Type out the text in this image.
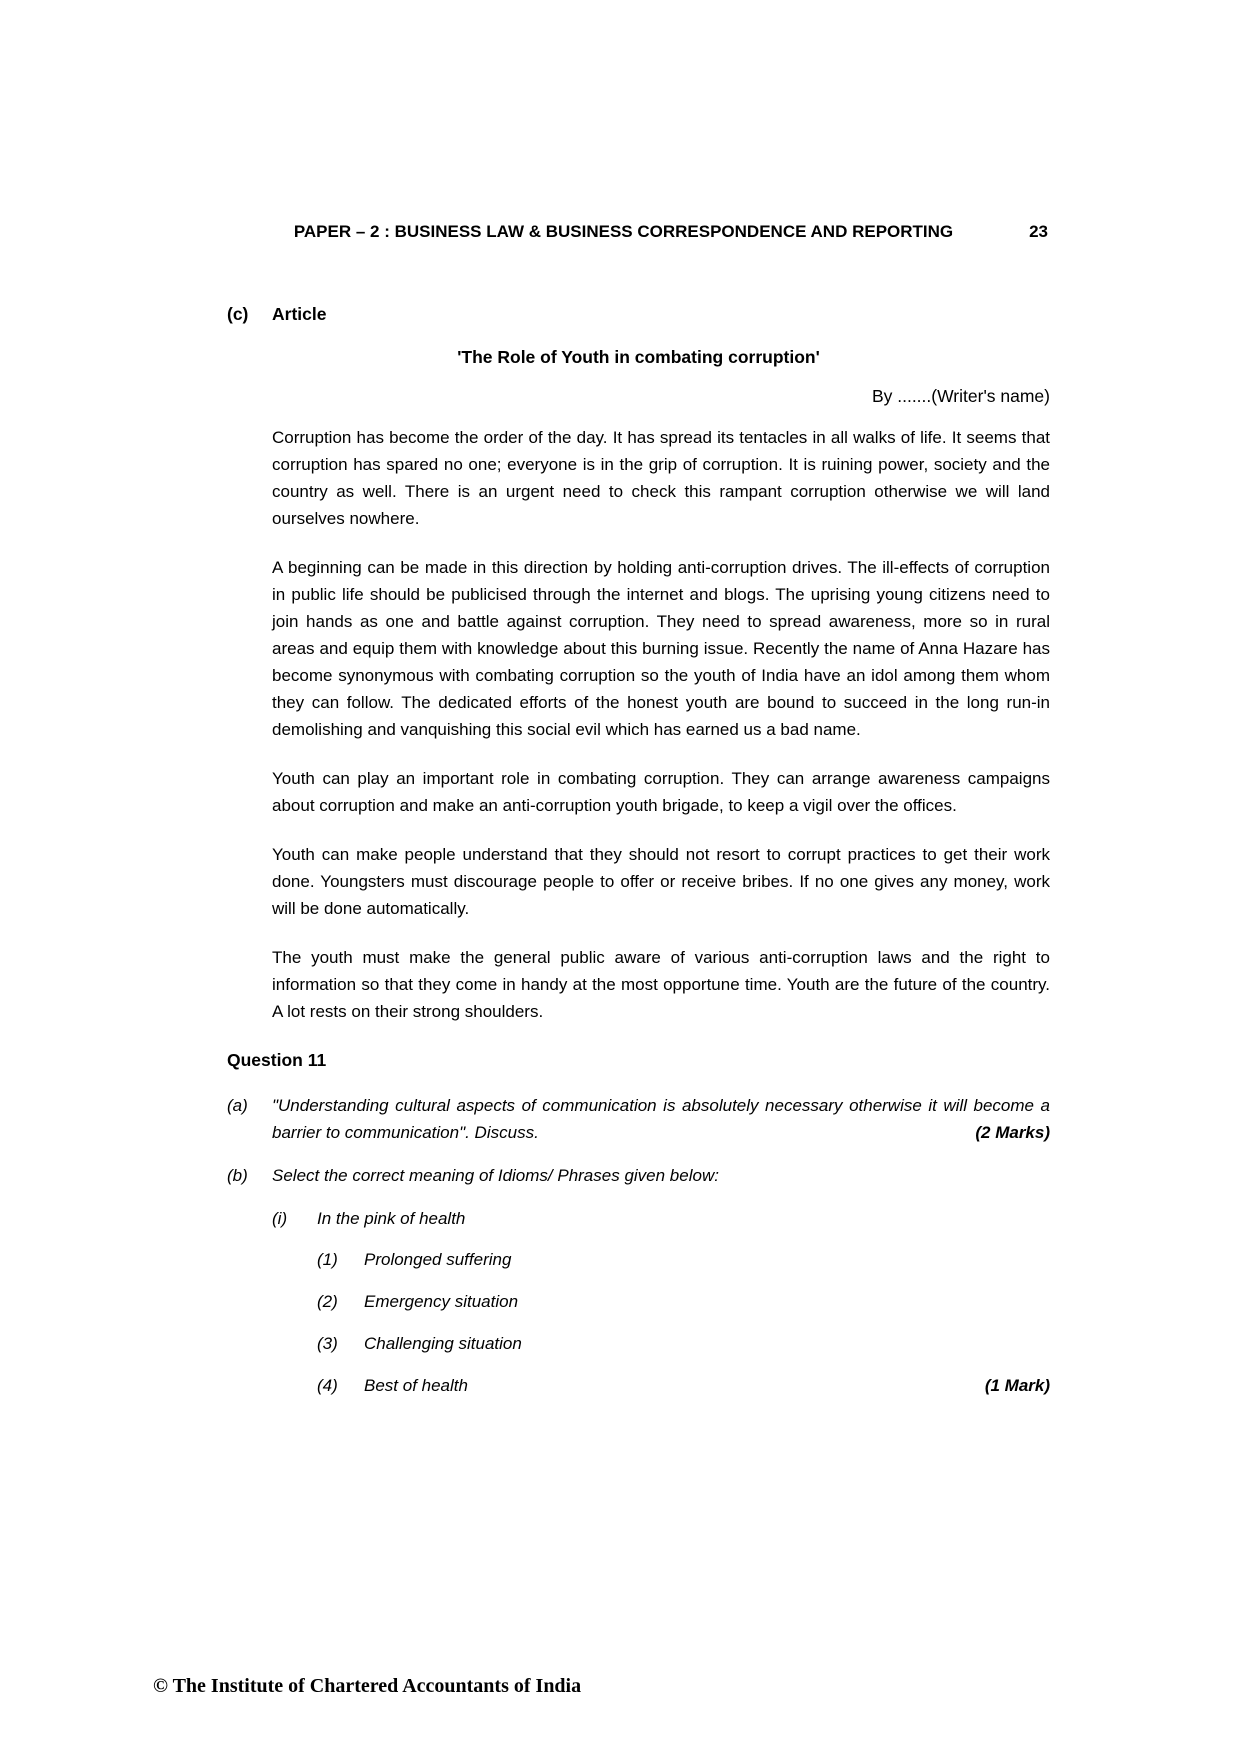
PAPER – 2 : BUSINESS LAW & BUSINESS CORRESPONDENCE AND REPORTING	23
(c)	Article
'The Role of Youth in combating corruption'
By .......(Writer's name)

Corruption has become the order of the day. It has spread its tentacles in all walks of life. It seems that corruption has spared no one; everyone is in the grip of corruption. It is ruining power, society and the country as well. There is an urgent need to check this rampant corruption otherwise we will land ourselves nowhere.

A beginning can be made in this direction by holding anti-corruption drives. The ill-effects of corruption in public life should be publicised through the internet and blogs. The uprising young citizens need to join hands as one and battle against corruption. They need to spread awareness, more so in rural areas and equip them with knowledge about this burning issue. Recently the name of Anna Hazare has become synonymous with combating corruption so the youth of India have an idol among them whom they can follow. The dedicated efforts of the honest youth are bound to succeed in the long run-in demolishing and vanquishing this social evil which has earned us a bad name.

Youth can play an important role in combating corruption. They can arrange awareness campaigns about corruption and make an anti-corruption youth brigade, to keep a vigil over the offices.

Youth can make people understand that they should not resort to corrupt practices to get their work done. Youngsters must discourage people to offer or receive bribes. If no one gives any money, work will be done automatically.

The youth must make the general public aware of various anti-corruption laws and the right to information so that they come in handy at the most opportune time. Youth are the future of the country. A lot rests on their strong shoulders.

Question 11
(a)	"Understanding cultural aspects of communication is absolutely necessary otherwise it will become a barrier to communication". Discuss.	(2 Marks)
(b)	Select the correct meaning of Idioms/ Phrases given below:
(i)	In the pink of health
(1)	Prolonged suffering
(2)	Emergency situation
(3)	Challenging situation
(4)	Best of health	(1 Mark)
© The Institute of Chartered Accountants of India
